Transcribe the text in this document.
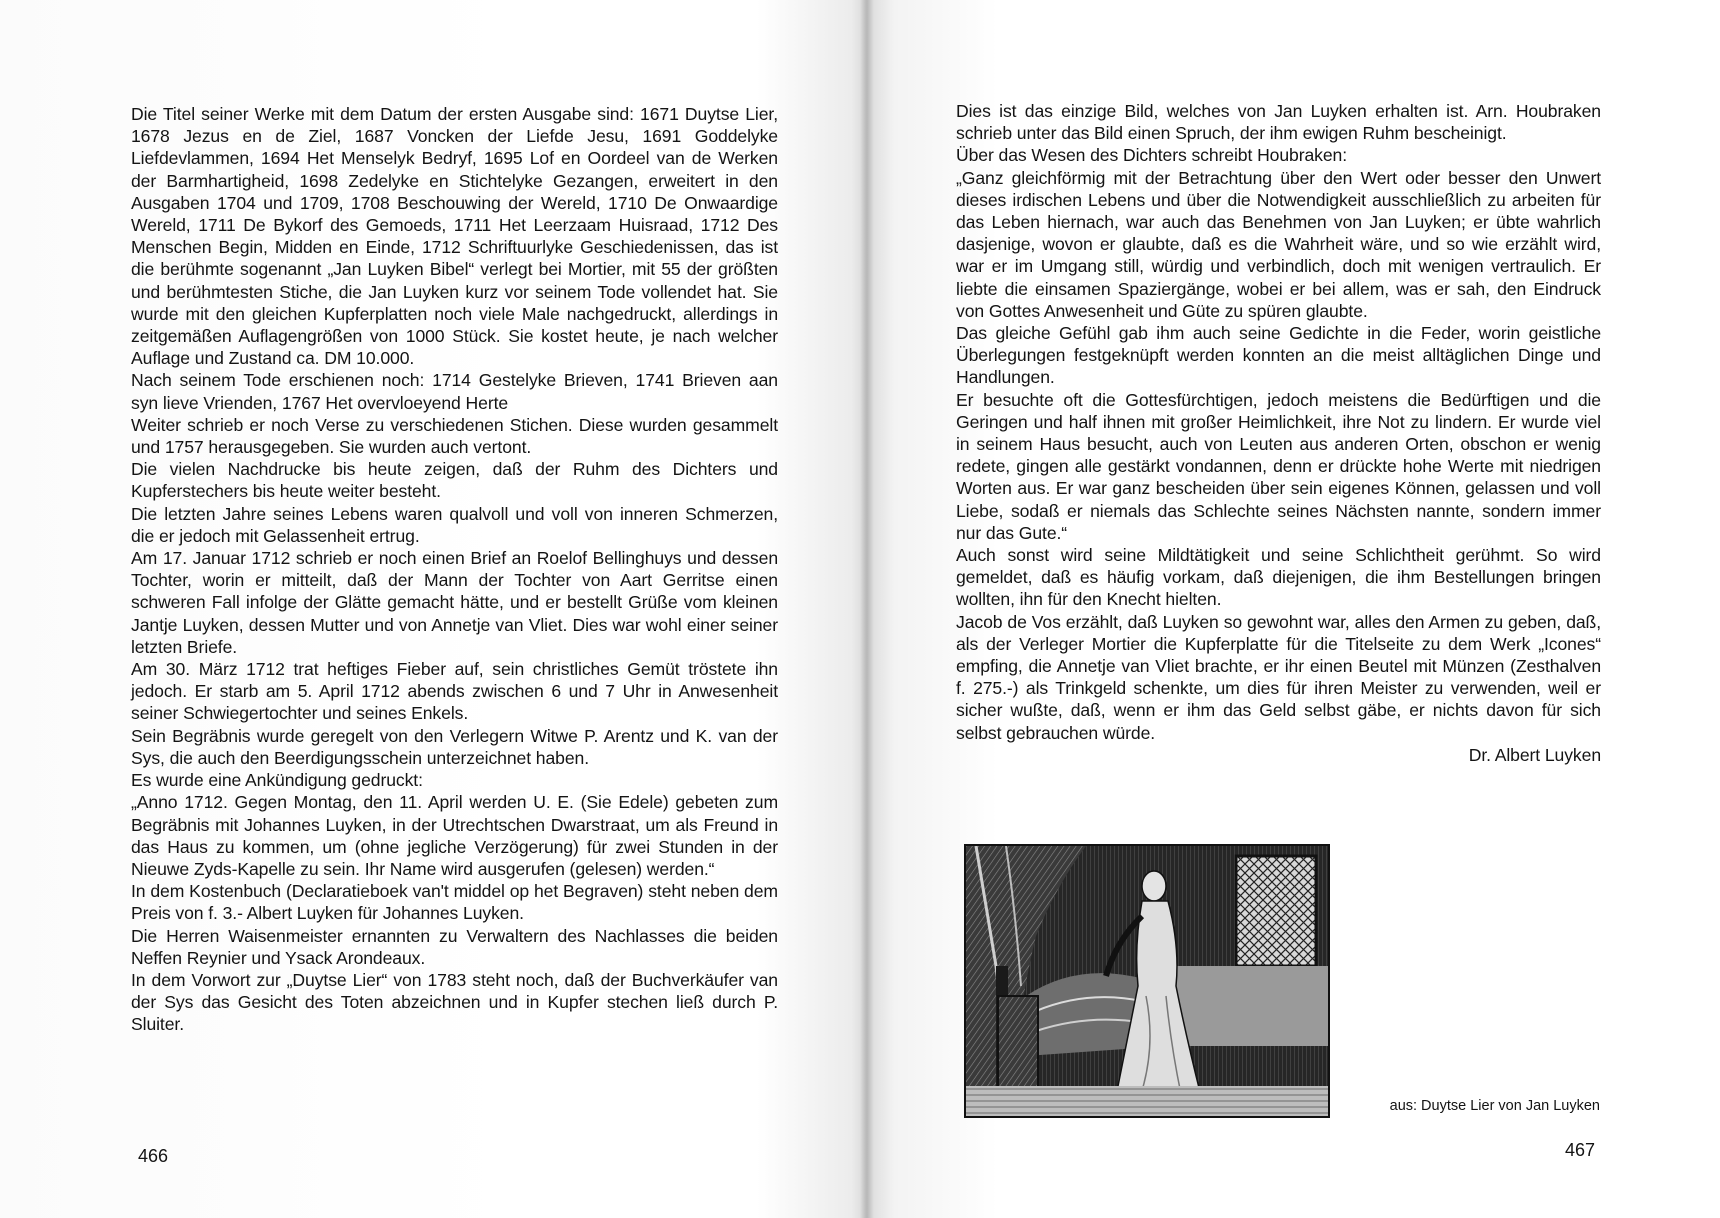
Die Titel seiner Werke mit dem Datum der ersten Ausgabe sind: 1671 Duytse Lier, 1678 Jezus en de Ziel, 1687 Voncken der Liefde Jesu, 1691 Goddelyke Liefdevlammen, 1694 Het Menselyk Bedryf, 1695 Lof en Oordeel van de Werken der Barmhartigheid, 1698 Zedelyke en Stichtelyke Gezangen, erweitert in den Ausgaben 1704 und 1709, 1708 Beschouwing der Wereld, 1710 De Onwaardige Wereld, 1711 De Bykorf des Gemoeds, 1711 Het Leerzaam Huisraad, 1712 Des Menschen Begin, Midden en Einde, 1712 Schriftuurlyke Geschiedenissen, das ist die berühmte sogenannt „Jan Luyken Bibel“ verlegt bei Mortier, mit 55 der größten und berühmtesten Stiche, die Jan Luyken kurz vor seinem Tode vollendet hat. Sie wurde mit den gleichen Kupferplatten noch viele Male nachgedruckt, allerdings in zeitgemäßen Auflagengrößen von 1000 Stück. Sie kostet heute, je nach welcher Auflage und Zustand ca. DM 10.000.

Nach seinem Tode erschienen noch: 1714 Gestelyke Brieven, 1741 Brieven aan syn lieve Vrienden, 1767 Het overvloeyend Herte

Weiter schrieb er noch Verse zu verschiedenen Stichen. Diese wurden gesammelt und 1757 herausgegeben. Sie wurden auch vertont.

Die vielen Nachdrucke bis heute zeigen, daß der Ruhm des Dichters und Kupferstechers bis heute weiter besteht.

Die letzten Jahre seines Lebens waren qualvoll und voll von inneren Schmerzen, die er jedoch mit Gelassenheit ertrug.

Am 17. Januar 1712 schrieb er noch einen Brief an Roelof Bellinghuys und dessen Tochter, worin er mitteilt, daß der Mann der Tochter von Aart Gerritse einen schweren Fall infolge der Glätte gemacht hätte, und er bestellt Grüße vom kleinen Jantje Luyken, dessen Mutter und von Annetje van Vliet. Dies war wohl einer seiner letzten Briefe.

Am 30. März 1712 trat heftiges Fieber auf, sein christliches Gemüt tröstete ihn jedoch. Er starb am 5. April 1712 abends zwischen 6 und 7 Uhr in Anwesenheit seiner Schwiegertochter und seines Enkels.

Sein Begräbnis wurde geregelt von den Verlegern Witwe P. Arentz und K. van der Sys, die auch den Beerdigungsschein unterzeichnet haben.

Es wurde eine Ankündigung gedruckt:

„Anno 1712. Gegen Montag, den 11. April werden U. E. (Sie Edele) gebeten zum Begräbnis mit Johannes Luyken, in der Utrechtschen Dwarstraat, um als Freund in das Haus zu kommen, um (ohne jegliche Verzögerung) für zwei Stunden in der Nieuwe Zyds-Kapelle zu sein. Ihr Name wird ausgerufen (gelesen) werden.“

In dem Kostenbuch (Declaratieboek van't middel op het Begraven) steht neben dem Preis von f. 3.- Albert Luyken für Johannes Luyken.

Die Herren Waisenmeister ernannten zu Verwaltern des Nachlasses die beiden Neffen Reynier und Ysack Arondeaux.

In dem Vorwort zur „Duytse Lier“ von 1783 steht noch, daß der Buchverkäufer van der Sys das Gesicht des Toten abzeichnen und in Kupfer stechen ließ durch P. Sluiter.

466

Dies ist das einzige Bild, welches von Jan Luyken erhalten ist. Arn. Houbraken schrieb unter das Bild einen Spruch, der ihm ewigen Ruhm bescheinigt.

Über das Wesen des Dichters schreibt Houbraken:

„Ganz gleichförmig mit der Betrachtung über den Wert oder besser den Unwert dieses irdischen Lebens und über die Notwendigkeit ausschließlich zu arbeiten für das Leben hiernach, war auch das Benehmen von Jan Luyken; er übte wahrlich dasjenige, wovon er glaubte, daß es die Wahrheit wäre, und so wie erzählt wird, war er im Umgang still, würdig und verbindlich, doch mit wenigen vertraulich. Er liebte die einsamen Spaziergänge, wobei er bei allem, was er sah, den Eindruck von Gottes Anwesenheit und Güte zu spüren glaubte.

Das gleiche Gefühl gab ihm auch seine Gedichte in die Feder, worin geistliche Überlegungen festgeknüpft werden konnten an die meist alltäglichen Dinge und Handlungen.

Er besuchte oft die Gottesfürchtigen, jedoch meistens die Bedürftigen und die Geringen und half ihnen mit großer Heimlichkeit, ihre Not zu lindern. Er wurde viel in seinem Haus besucht, auch von Leuten aus anderen Orten, obschon er wenig redete, gingen alle gestärkt vondannen, denn er drückte hohe Werte mit niedrigen Worten aus. Er war ganz bescheiden über sein eigenes Können, gelassen und voll Liebe, sodaß er niemals das Schlechte seines Nächsten nannte, sondern immer nur das Gute.“

Auch sonst wird seine Mildtätigkeit und seine Schlichtheit gerühmt. So wird gemeldet, daß es häufig vorkam, daß diejenigen, die ihm Bestellungen bringen wollten, ihn für den Knecht hielten.

Jacob de Vos erzählt, daß Luyken so gewohnt war, alles den Armen zu geben, daß, als der Verleger Mortier die Kupferplatte für die Titelseite zu dem Werk „Icones“ empfing, die Annetje van Vliet brachte, er ihr einen Beutel mit Münzen (Zesthalven f. 275.-) als Trinkgeld schenkte, um dies für ihren Meister zu verwenden, weil er sicher wußte, daß, wenn er ihm das Geld selbst gäbe, er nichts davon für sich selbst gebrauchen würde.

Dr. Albert Luyken

aus: Duytse Lier von Jan Luyken
467
